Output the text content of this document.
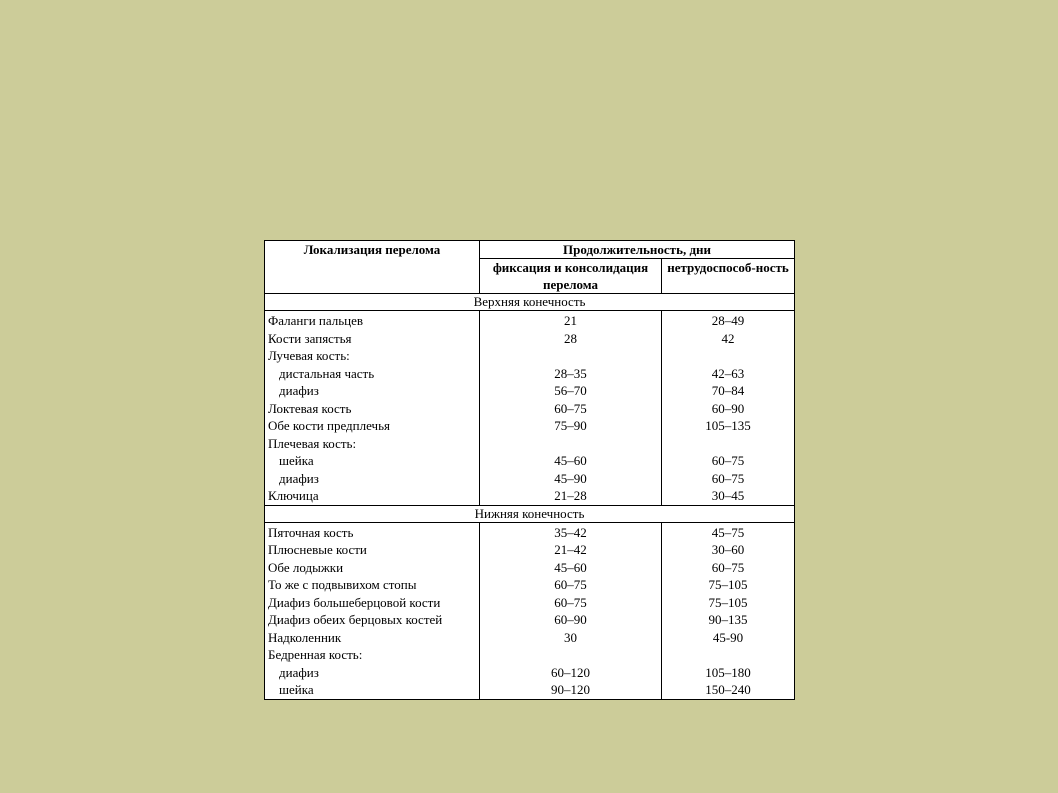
Локализация перелома	Продолжительность, дни	
	фиксация и консолидация перелома	нетрудоспособ-ность
Верхняя конечность		
Фаланги пальцев	21	28–49
Кости запястья	28	42
Лучевая кость:		
дистальная часть	28–35	42–63
диафиз	56–70	70–84
Локтевая кость	60–75	60–90
Обе кости предплечья	75–90	105–135
Плечевая кость:		
шейка	45–60	60–75
диафиз	45–90	60–75
Ключица	21–28	30–45
Нижняя конечность		
Пяточная кость	35–42	45–75
Плюсневые кости	21–42	30–60
Обе лодыжки	45–60	60–75
То же с подвывихом стопы	60–75	75–105
Диафиз большеберцовой кости	60–75	75–105
Диафиз обеих берцовых костей	60–90	90–135
Надколенник	30	45-90
Бедренная кость:		
диафиз	60–120	105–180
шейка	90–120	150–240
